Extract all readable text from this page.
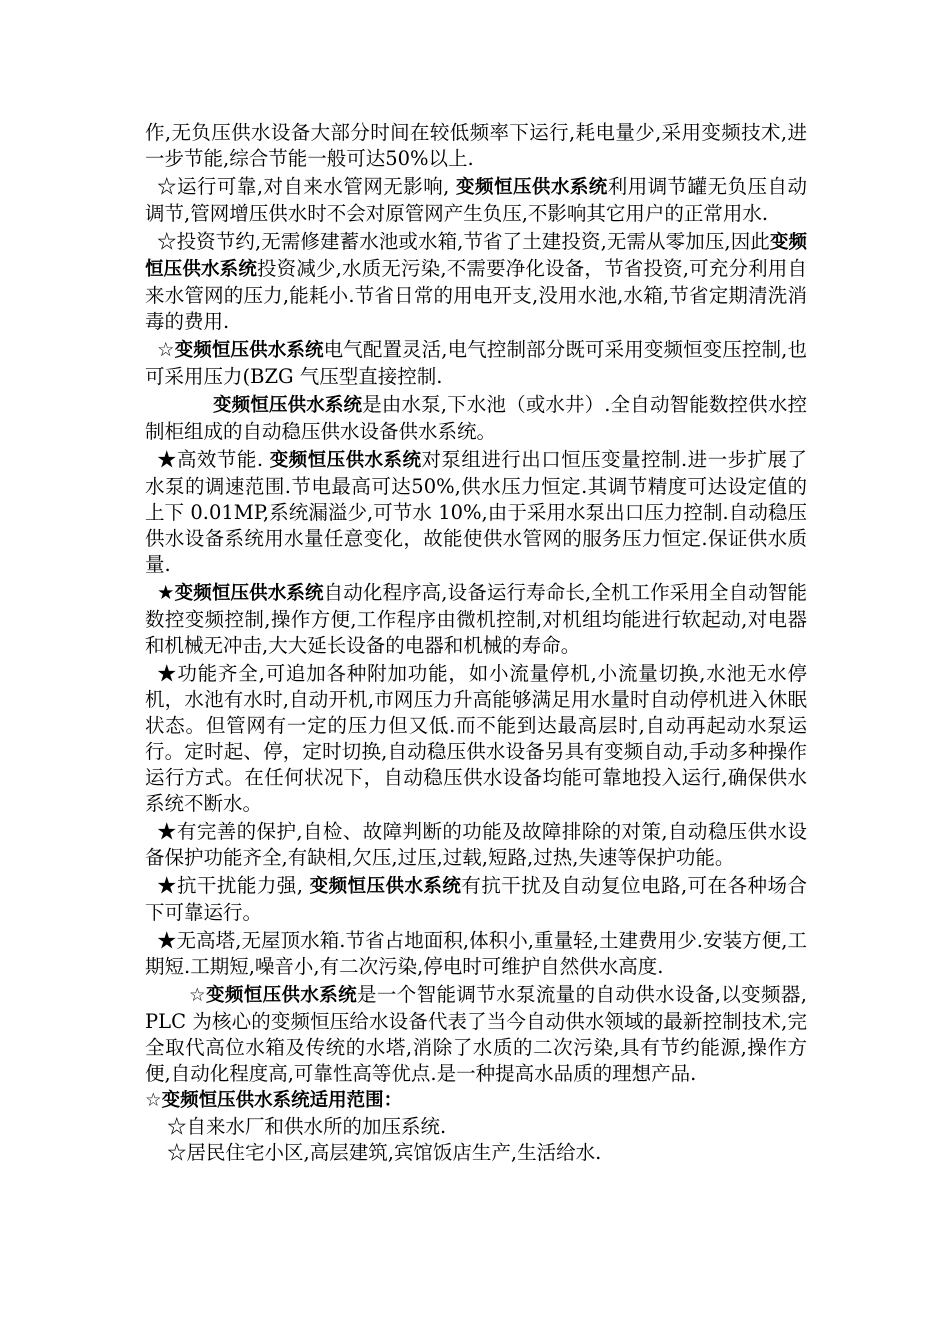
作,无负压供水设备大部分时间在较低频率下运行,耗电量少,采用变频技术,进一步节能,综合节能一般可达50%以上.

☆运行可靠,对自来水管网无影响, 变频恒压供水系统利用调节罐无负压自动调节,管网增压供水时不会对原管网产生负压,不影响其它用户的正常用水.

☆投资节约,无需修建蓄水池或水箱,节省了土建投资,无需从零加压,因此变频恒压供水系统投资减少,水质无污染,不需要净化设备，节省投资,可充分利用自来水管网的压力,能耗小.节省日常的用电开支,没用水池,水箱,节省定期清洗消毒的费用.

☆变频恒压供水系统电气配置灵活,电气控制部分既可采用变频恒变压控制,也可采用压力(BZG 气压型直接控制.

变频恒压供水系统是由水泵,下水池（或水井）.全自动智能数控供水控制柜组成的自动稳压供水设备供水系统。

★高效节能. 变频恒压供水系统对泵组进行出口恒压变量控制.进一步扩展了水泵的调速范围.节电最高可达50%,供水压力恒定.其调节精度可达设定值的上下 0.01MP,系统漏溢少,可节水 10%,由于采用水泵出口压力控制.自动稳压供水设备系统用水量任意变化，故能使供水管网的服务压力恒定.保证供水质量.

★变频恒压供水系统自动化程序高,设备运行寿命长,全机工作采用全自动智能数控变频控制,操作方便,工作程序由微机控制,对机组均能进行软起动,对电器和机械无冲击,大大延长设备的电器和机械的寿命。

★功能齐全,可追加各种附加功能，如小流量停机,小流量切换,水池无水停机，水池有水时,自动开机,市网压力升高能够满足用水量时自动停机进入休眠状态。但管网有一定的压力但又低.而不能到达最高层时,自动再起动水泵运行。定时起、停，定时切换,自动稳压供水设备另具有变频自动,手动多种操作运行方式。在任何状况下，自动稳压供水设备均能可靠地投入运行,确保供水系统不断水。

★有完善的保护,自检、故障判断的功能及故障排除的对策,自动稳压供水设备保护功能齐全,有缺相,欠压,过压,过载,短路,过热,失速等保护功能。

★抗干扰能力强, 变频恒压供水系统有抗干扰及自动复位电路,可在各种场合下可靠运行。

★无高塔,无屋顶水箱.节省占地面积,体积小,重量轻,土建费用少.安装方便,工期短.工期短,噪音小,有二次污染,停电时可维护自然供水高度.

☆变频恒压供水系统是一个智能调节水泵流量的自动供水设备,以变频器,PLC 为核心的变频恒压给水设备代表了当今自动供水领域的最新控制技术,完全取代高位水箱及传统的水塔,消除了水质的二次污染,具有节约能源,操作方便,自动化程度高,可靠性高等优点.是一种提高水品质的理想产品.

☆变频恒压供水系统适用范围：

☆自来水厂和供水所的加压系统.

☆居民住宅小区,高层建筑,宾馆饭店生产,生活给水.
